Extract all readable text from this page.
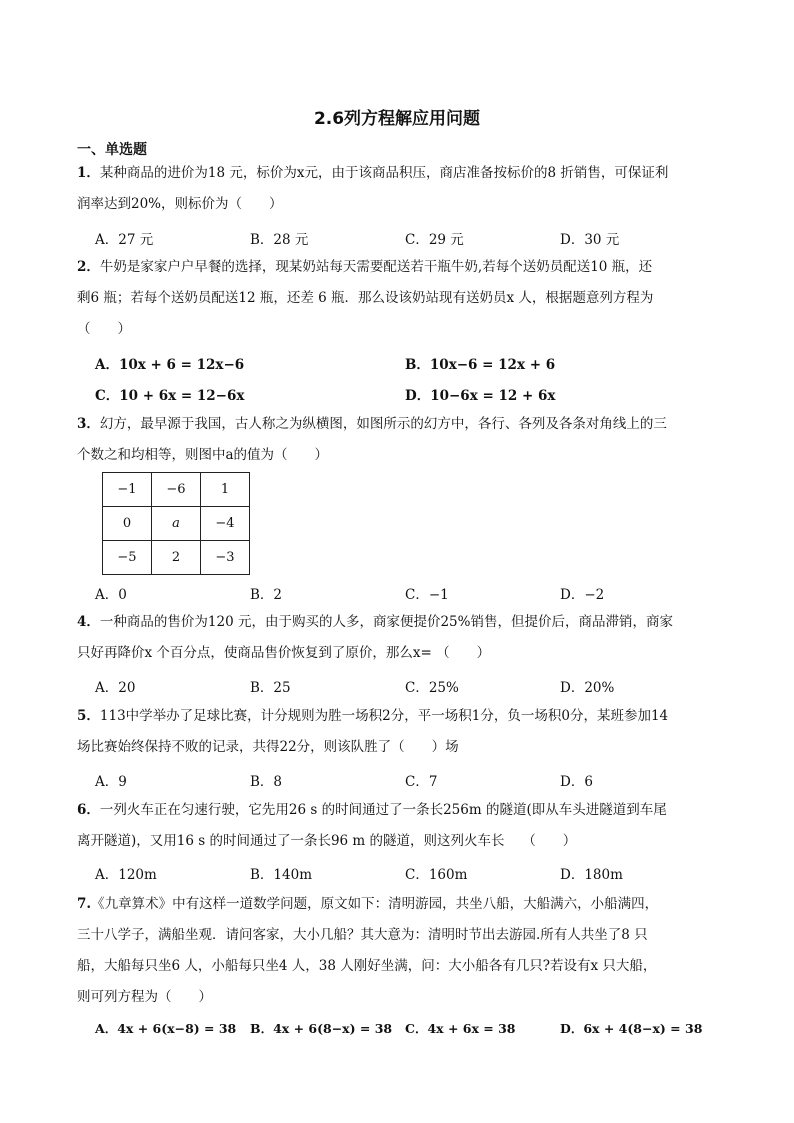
2.6列方程解应用问题
一、单选题
1．某种商品的进价为18 元，标价为x元，由于该商品积压，商店准备按标价的8 折销售，可保证利
润率达到20%，则标价为（　　）
A．27 元	B．28 元	C．29 元	D．30 元
2．牛奶是家家户户早餐的选择，现某奶站每天需要配送若干瓶牛奶,若每个送奶员配送10 瓶，还
剩6 瓶；若每个送奶员配送12 瓶，还差 6 瓶．那么设该奶站现有送奶员x 人，根据题意列方程为
（　　）
A．10x + 6 = 12x−6	B．10x−6 = 12x + 6
C．10 + 6x = 12−6x	D．10−6x = 12 + 6x
3．幻方，最早源于我国，古人称之为纵横图，如图所示的幻方中，各行、各列及各条对角线上的三
个数之和均相等，则图中a的值为（　　）
−1	−6	1
0	a	−4
−5	2	−3
A．0	B．2	C．−1	D．−2
4．一种商品的售价为120 元，由于购买的人多，商家便提价25%销售，但提价后，商品滞销，商家
只好再降价x 个百分点，使商品售价恢复到了原价，那么x= （　　）
A．20	B．25	C．25%	D．20%
5．113中学举办了足球比赛，计分规则为胜一场积2分，平一场积1分，负一场积0分，某班参加14
场比赛始终保持不败的记录，共得22分，则该队胜了（　　）场
A．9	B．8	C．7	D．6
6．一列火车正在匀速行驶，它先用26 s 的时间通过了一条长256m 的隧道(即从车头进隧道到车尾
离开隧道)，又用16 s 的时间通过了一条长96 m 的隧道，则这列火车长　 （　　）
A．120m	B．140m	C．160m	D．180m
7.《九章算术》中有这样一道数学问题，原文如下：清明游园，共坐八船，大船满六，小船满四，
三十八学子，满船坐观．请问客家，大小几船？其大意为：清明时节出去游园.所有人共坐了8 只
船，大船每只坐6 人，小船每只坐4 人，38 人刚好坐满，问：大小船各有几只?若设有x 只大船，
则可列方程为（　　）
A．4x + 6(x−8) = 38 B．4x + 6(8−x) = 38 C．4x + 6x = 38	D．6x + 4(8−x) = 38
